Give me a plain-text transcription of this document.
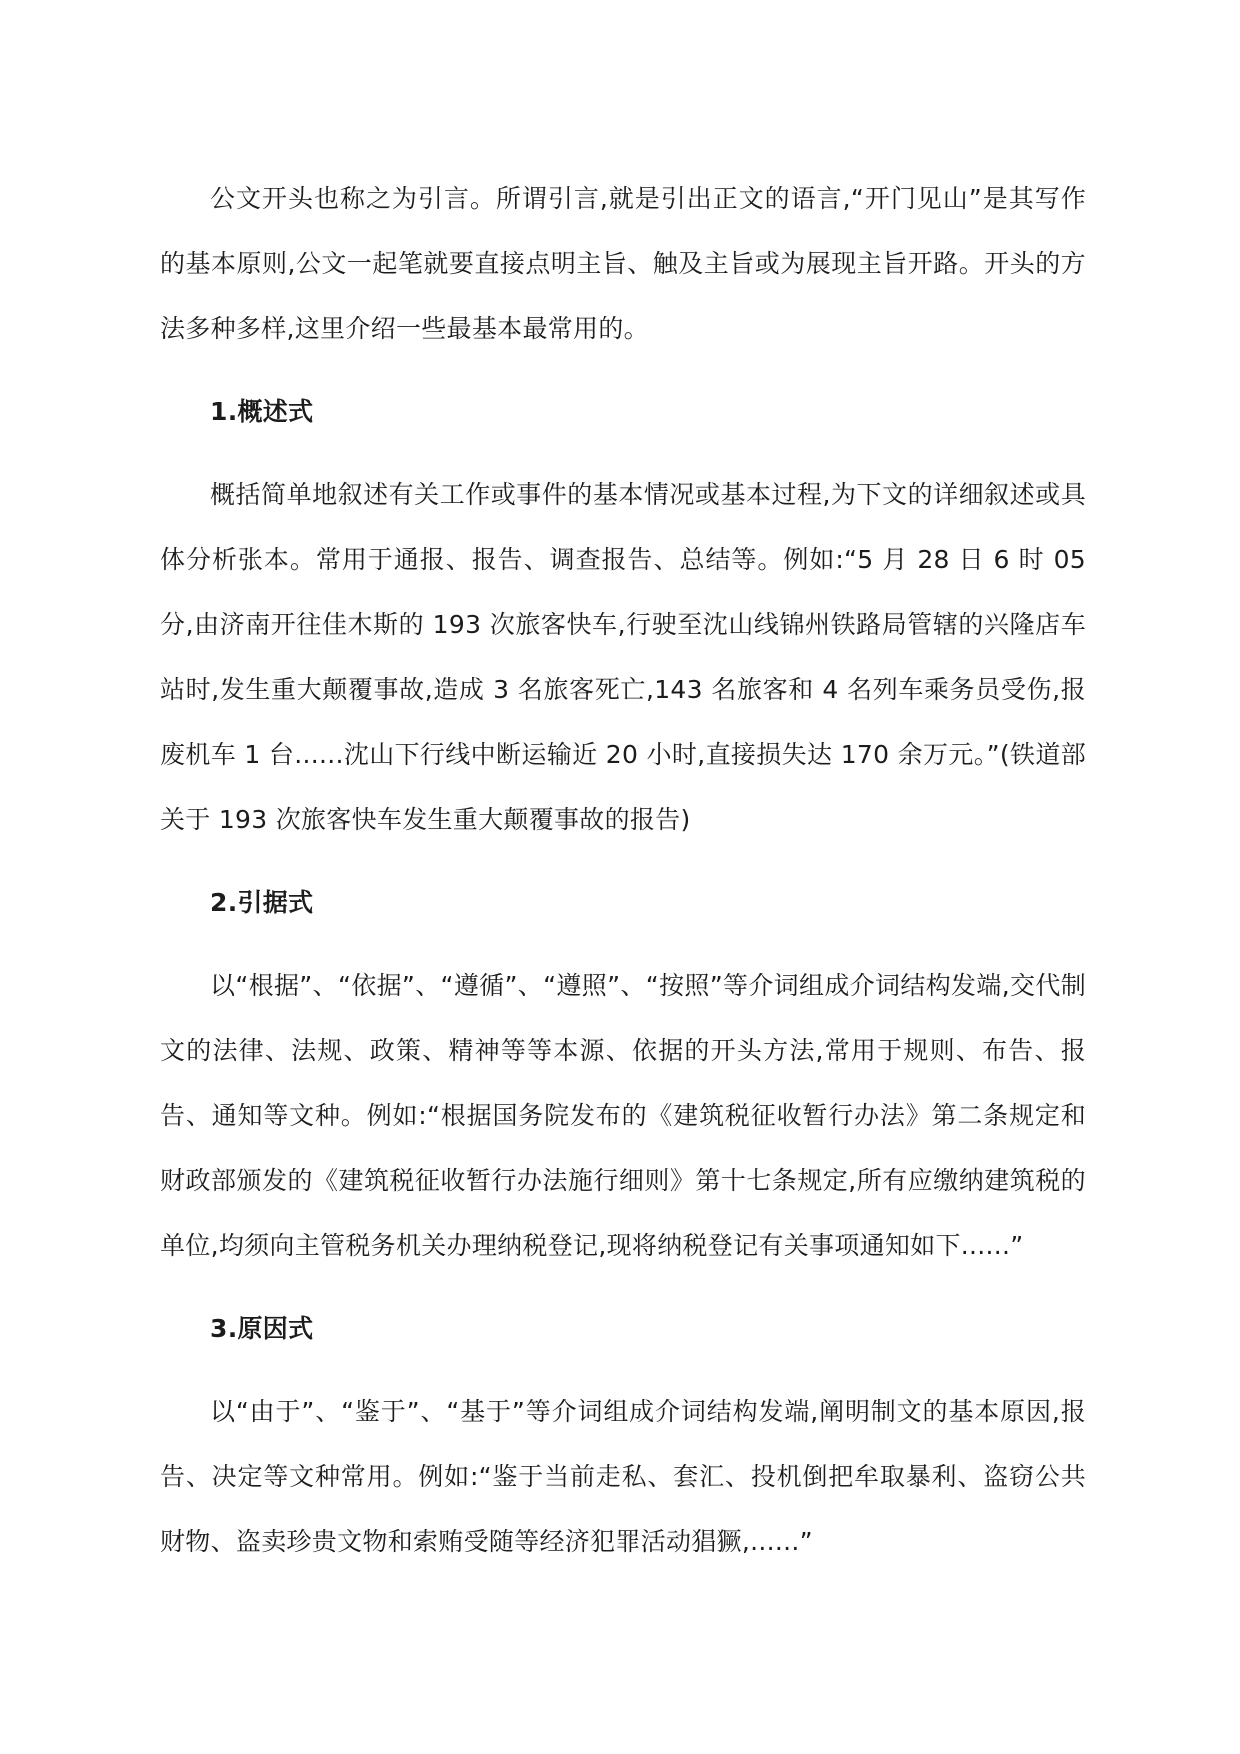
公文开头也称之为引言。所谓引言,就是引出正文的语言,“开门见山”是其写作的基本原则,公文一起笔就要直接点明主旨、触及主旨或为展现主旨开路。开头的方法多种多样,这里介绍一些最基本最常用的。

1.概述式

概括简单地叙述有关工作或事件的基本情况或基本过程,为下文的详细叙述或具体分析张本。常用于通报、报告、调查报告、总结等。例如:“5 月 28 日 6 时 05 分,由济南开往佳木斯的 193 次旅客快车,行驶至沈山线锦州铁路局管辖的兴隆店车站时,发生重大颠覆事故,造成 3 名旅客死亡,143 名旅客和 4 名列车乘务员受伤,报废机车 1 台......沈山下行线中断运输近 20 小时,直接损失达 170 余万元。”(铁道部关于 193 次旅客快车发生重大颠覆事故的报告)

2.引据式

以“根据”、“依据”、“遵循”、“遵照”、“按照”等介词组成介词结构发端,交代制文的法律、法规、政策、精神等等本源、依据的开头方法,常用于规则、布告、报告、通知等文种。例如:“根据国务院发布的《建筑税征收暂行办法》第二条规定和财政部颁发的《建筑税征收暂行办法施行细则》第十七条规定,所有应缴纳建筑税的单位,均须向主管税务机关办理纳税登记,现将纳税登记有关事项通知如下......”

3.原因式

以“由于”、“鉴于”、“基于”等介词组成介词结构发端,阐明制文的基本原因,报告、决定等文种常用。例如:“鉴于当前走私、套汇、投机倒把牟取暴利、盗窃公共财物、盗卖珍贵文物和索贿受随等经济犯罪活动猖獗,......”
